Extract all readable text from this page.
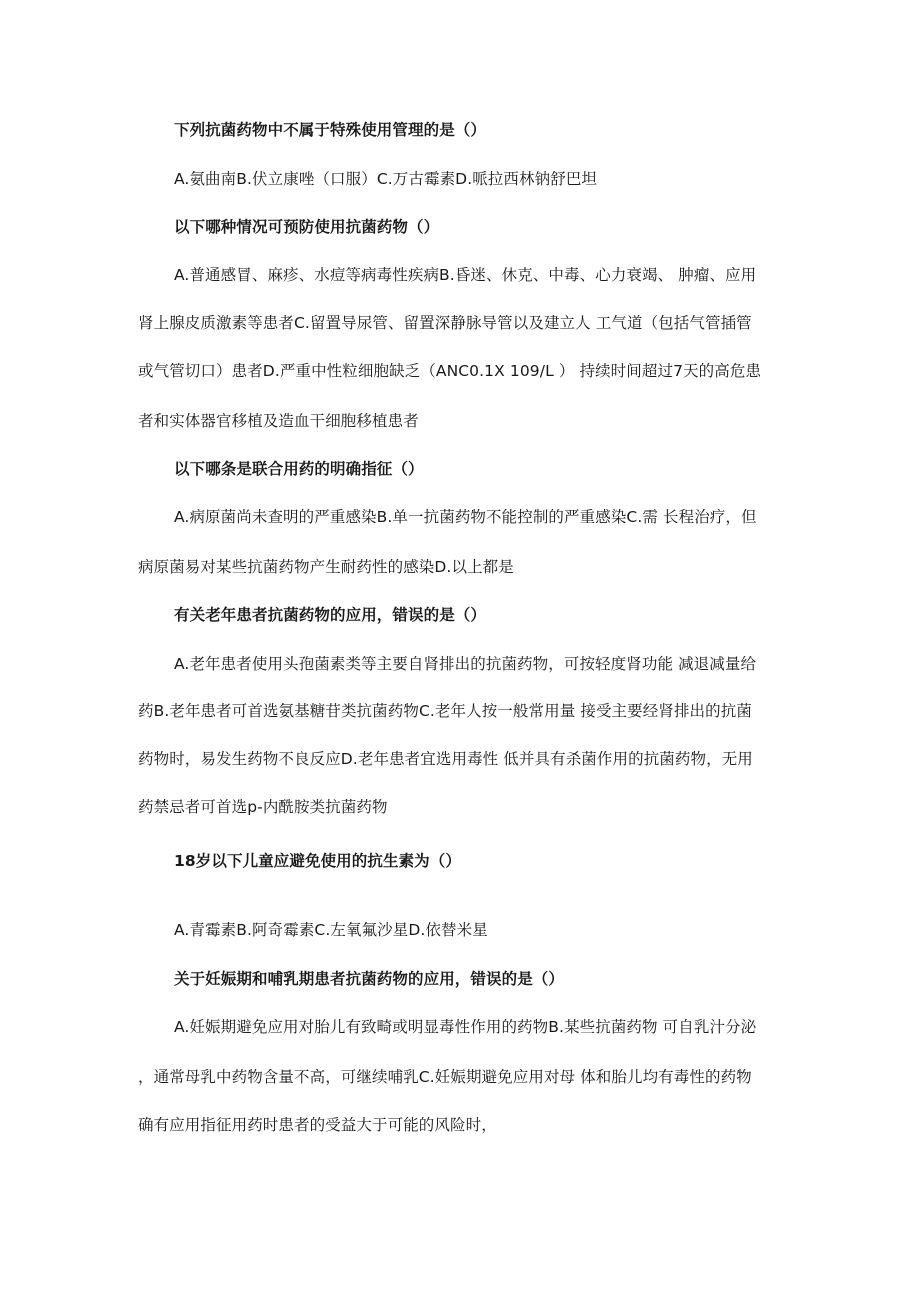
下列抗菌药物中不属于特殊使用管理的是（）
A.氨曲南B.伏立康唑（口服）C.万古霉素D.哌拉西林钠舒巴坦
以下哪种情况可预防使用抗菌药物（）
A.普通感冒、麻疹、水痘等病毒性疾病B.昏迷、休克、中毒、心力衰竭、 肿瘤、应用
肾上腺皮质激素等患者C.留置导尿管、留置深静脉导管以及建立人 工气道（包括气管插管
或气管切口）患者D.严重中性粒细胞缺乏（ANC0.1X 109/L ） 持续时间超过7天的高危患
者和实体器官移植及造血干细胞移植患者
以下哪条是联合用药的明确指征（）
A.病原菌尚未查明的严重感染B.单一抗菌药物不能控制的严重感染C.需 长程治疗，但
病原菌易对某些抗菌药物产生耐药性的感染D.以上都是
有关老年患者抗菌药物的应用，错误的是（）
A.老年患者使用头孢菌素类等主要自肾排出的抗菌药物，可按轻度肾功能 减退减量给
药B.老年患者可首选氨基糖苷类抗菌药物C.老年人按一般常用量 接受主要经肾排出的抗菌
药物时，易发生药物不良反应D.老年患者宜选用毒性 低并具有杀菌作用的抗菌药物，无用
药禁忌者可首选p-内酰胺类抗菌药物
18岁以下儿童应避免使用的抗生素为（）
A.青霉素B.阿奇霉素C.左氧氟沙星D.依替米星
关于妊娠期和哺乳期患者抗菌药物的应用，错误的是（）
A.妊娠期避免应用对胎儿有致畸或明显毒性作用的药物B.某些抗菌药物 可自乳汁分泌
，通常母乳中药物含量不高，可继续哺乳C.妊娠期避免应用对母 体和胎儿均有毒性的药物
确有应用指征用药时患者的受益大于可能的风险时，
